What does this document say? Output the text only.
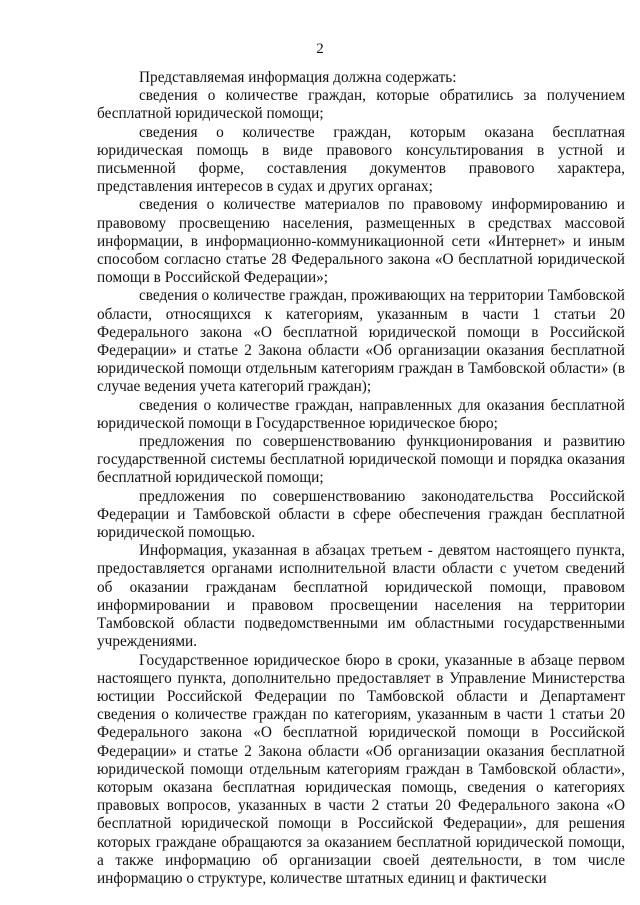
2

Представляемая информация должна содержать:

сведения о количестве граждан, которые обратились за получением бесплатной юридической помощи;

сведения о количестве граждан, которым оказана бесплатная юридическая помощь в виде правового консультирования в устной и письменной форме, составления документов правового характера, представления интересов в судах и других органах;

сведения о количестве материалов по правовому информированию и правовому просвещению населения, размещенных в средствах массовой информации, в информационно-коммуникационной сети «Интернет» и иным способом согласно статье 28 Федерального закона «О бесплатной юридической помощи в Российской Федерации»;

сведения о количестве граждан, проживающих на территории Тамбовской области, относящихся к категориям, указанным в части 1 статьи 20 Федерального закона «О бесплатной юридической помощи в Российской Федерации» и статье 2 Закона области «Об организации оказания бесплатной юридической помощи отдельным категориям граждан в Тамбовской области» (в случае ведения учета категорий граждан);

сведения о количестве граждан, направленных для оказания бесплатной юридической помощи в Государственное юридическое бюро;

предложения по совершенствованию функционирования и развитию государственной системы бесплатной юридической помощи и порядка оказания бесплатной юридической помощи;

предложения по совершенствованию законодательства Российской Федерации и Тамбовской области в сфере обеспечения граждан бесплатной юридической помощью.

Информация, указанная в абзацах третьем - девятом настоящего пункта, предоставляется органами исполнительной власти области с учетом сведений об оказании гражданам бесплатной юридической помощи, правовом информировании и правовом просвещении населения на территории Тамбовской области подведомственными им областными государственными учреждениями.

Государственное юридическое бюро в сроки, указанные в абзаце первом настоящего пункта, дополнительно предоставляет в Управление Министерства юстиции Российской Федерации по Тамбовской области и Департамент сведения о количестве граждан по категориям, указанным в части 1 статьи 20 Федерального закона «О бесплатной юридической помощи в Российской Федерации» и статье 2 Закона области «Об организации оказания бесплатной юридической помощи отдельным категориям граждан в Тамбовской области», которым оказана бесплатная юридическая помощь, сведения о категориях правовых вопросов, указанных в части 2 статьи 20 Федерального закона «О бесплатной юридической помощи в Российской Федерации», для решения которых граждане обращаются за оказанием бесплатной юридической помощи, а также информацию об организации своей деятельности, в том числе информацию о структуре, количестве штатных единиц и фактически
